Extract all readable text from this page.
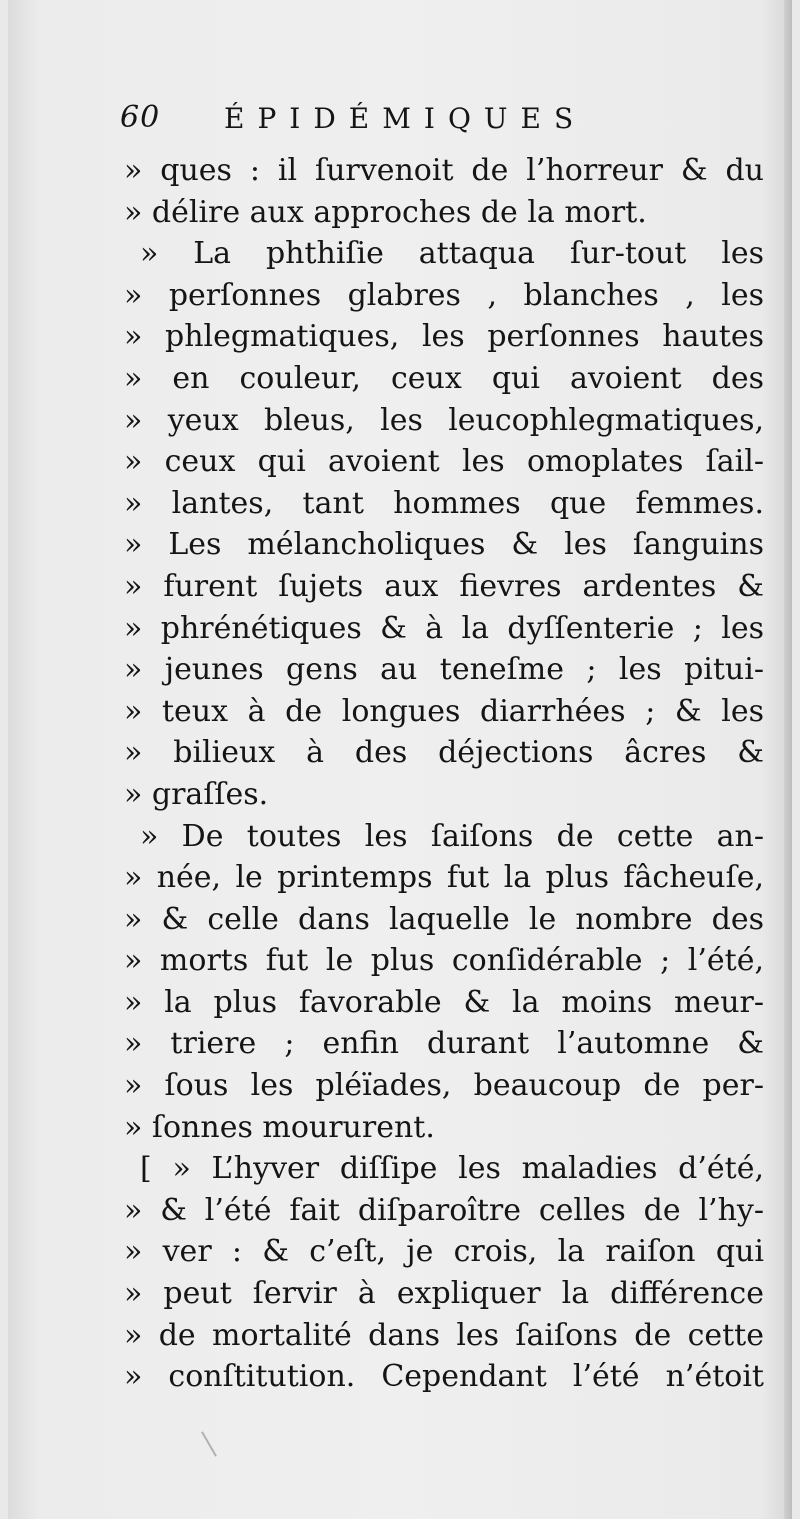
60 ÉPIDÉMIQUES
» ques : il ſurvenoit de l’horreur & du
» délire aux approches de la mort.
» La phthiſie attaqua ſur-tout les
» perſonnes glabres , blanches , les
» phlegmatiques, les perſonnes hautes
» en couleur, ceux qui avoient des
» yeux bleus, les leucophlegmatiques,
» ceux qui avoient les omoplates ſail-
» lantes, tant hommes que femmes.
» Les mélancholiques & les ſanguins
» furent ſujets aux fievres ardentes &
» phrénétiques & à la dyſſenterie ; les
» jeunes gens au teneſme ; les pitui-
» teux à de longues diarrhées ; & les
» bilieux à des déjections âcres &
» graſſes.
» De toutes les ſaiſons de cette an-
» née, le printemps fut la plus fâcheuſe,
» & celle dans laquelle le nombre des
» morts fut le plus conſidérable ; l’été,
» la plus favorable & la moins meur-
» triere ; enfin durant l’automne &
» ſous les pléïades, beaucoup de per-
» ſonnes moururent.
[ » L’hyver diſſipe les maladies d’été,
» & l’été fait diſparoître celles de l’hy-
» ver : & c’eſt, je crois, la raiſon qui
» peut ſervir à expliquer la différence
» de mortalité dans les ſaiſons de cette
» conſtitution. Cependant l’été n’étoit
